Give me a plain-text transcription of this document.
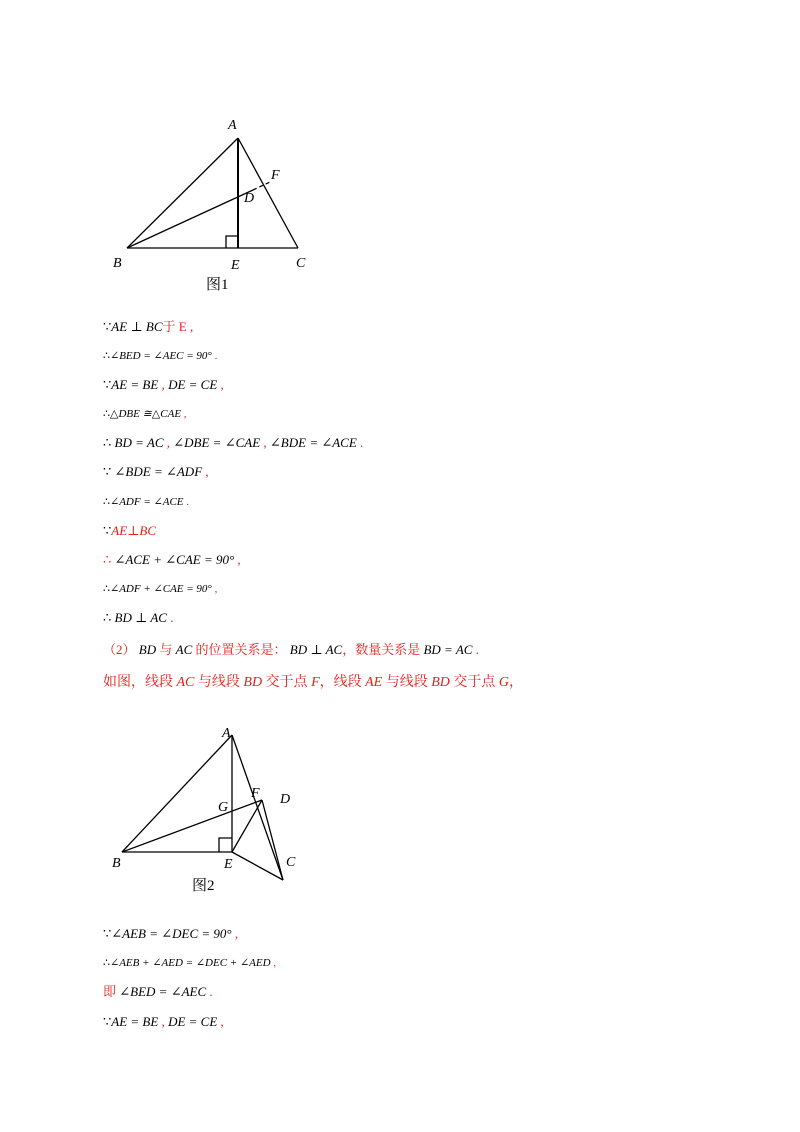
A
B	C
D
E
F
图1
∵AE ⊥ BC于 E ,
∴∠BED = ∠AEC = 90° .
∵AE = BE , DE = CE ,
∴△DBE ≅△CAE ,
∴ BD = AC , ∠DBE = ∠CAE , ∠BDE = ∠ACE .
∵ ∠BDE = ∠ADF ,
∴∠ADF = ∠ACE .
∵AE⊥BC
∴ ∠ACE + ∠CAE = 90° ,
∴∠ADF + ∠CAE = 90° ,
∴ BD ⊥ AC .
（2） BD 与 AC 的位置关系是： BD ⊥ AC，数量关系是 BD = AC .
如图，线段 AC 与线段 BD 交于点 F，线段 AE 与线段 BD 交于点 G，
A
B	C
D
E
F
G
图2
∵∠AEB = ∠DEC = 90° ,
∴∠AEB + ∠AED = ∠DEC + ∠AED ,
即 ∠BED = ∠AEC .
∵AE = BE , DE = CE ,
